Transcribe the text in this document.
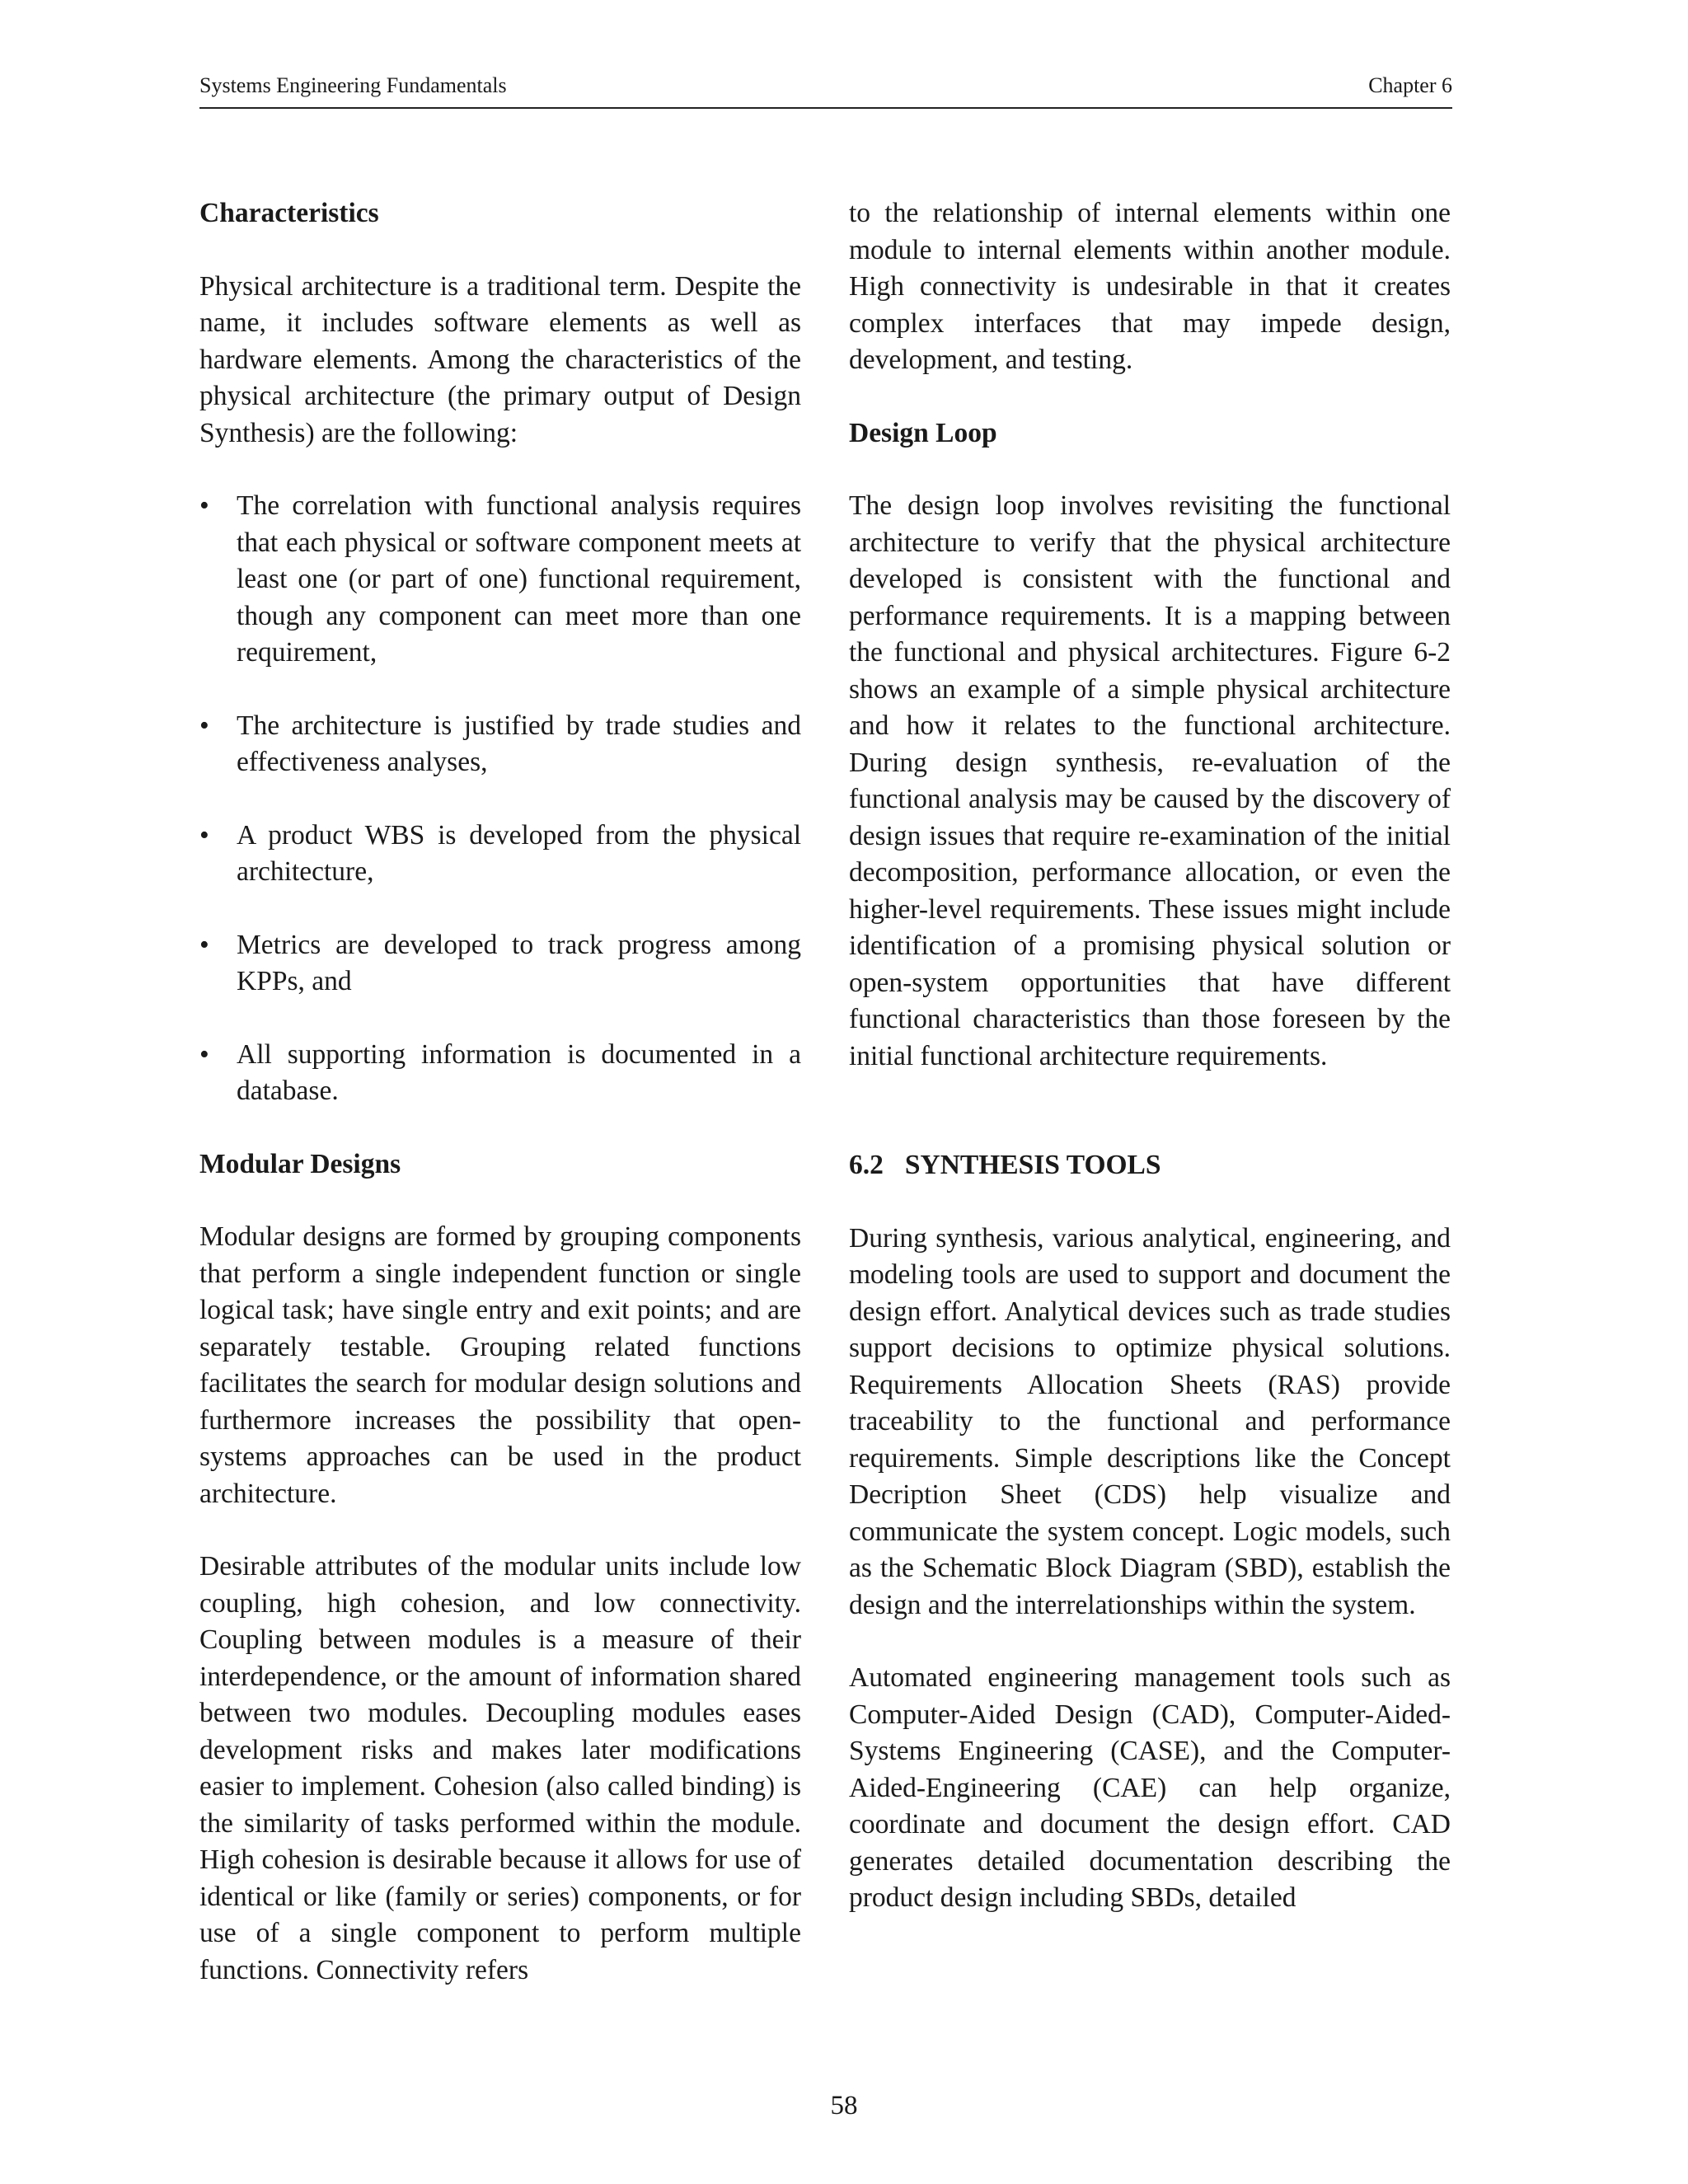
Systems Engineering Fundamentals	Chapter 6
Characteristics

Physical architecture is a traditional term. Despite the name, it includes software elements as well as hardware elements. Among the characteristics of the physical architecture (the primary output of Design Synthesis) are the following:

• The correlation with functional analysis requires that each physical or software component meets at least one (or part of one) functional requirement, though any component can meet more than one requirement,
• The architecture is justified by trade studies and effectiveness analyses,
• A product WBS is developed from the physical architecture,
• Metrics are developed to track progress among KPPs, and
• All supporting information is documented in a database.
Modular Designs

Modular designs are formed by grouping components that perform a single independent function or single logical task; have single entry and exit points; and are separately testable. Grouping related functions facilitates the search for modular design solutions and furthermore increases the possibility that open-systems approaches can be used in the product architecture.

Desirable attributes of the modular units include low coupling, high cohesion, and low connectivity. Coupling between modules is a measure of their interdependence, or the amount of information shared between two modules. Decoupling modules eases development risks and makes later modifications easier to implement. Cohesion (also called binding) is the similarity of tasks performed within the module. High cohesion is desirable because it allows for use of identical or like (family or series) components, or for use of a single component to perform multiple functions. Connectivity refers

to the relationship of internal elements within one module to internal elements within another module. High connectivity is undesirable in that it creates complex interfaces that may impede design, development, and testing.

Design Loop

The design loop involves revisiting the functional architecture to verify that the physical architecture developed is consistent with the functional and performance requirements. It is a mapping between the functional and physical architectures. Figure 6-2 shows an example of a simple physical architecture and how it relates to the functional architecture. During design synthesis, re-evaluation of the functional analysis may be caused by the discovery of design issues that require re-examination of the initial decomposition, performance allocation, or even the higher-level requirements. These issues might include identification of a promising physical solution or open-system opportunities that have different functional characteristics than those foreseen by the initial functional architecture requirements.

6.2 SYNTHESIS TOOLS

During synthesis, various analytical, engineering, and modeling tools are used to support and document the design effort. Analytical devices such as trade studies support decisions to optimize physical solutions. Requirements Allocation Sheets (RAS) provide traceability to the functional and performance requirements. Simple descriptions like the Concept Decription Sheet (CDS) help visualize and communicate the system concept. Logic models, such as the Schematic Block Diagram (SBD), establish the design and the interrelationships within the system.

Automated engineering management tools such as Computer-Aided Design (CAD), Computer-Aided-Systems Engineering (CASE), and the Computer-Aided-Engineering (CAE) can help organize, coordinate and document the design effort. CAD generates detailed documentation describing the product design including SBDs, detailed

58
